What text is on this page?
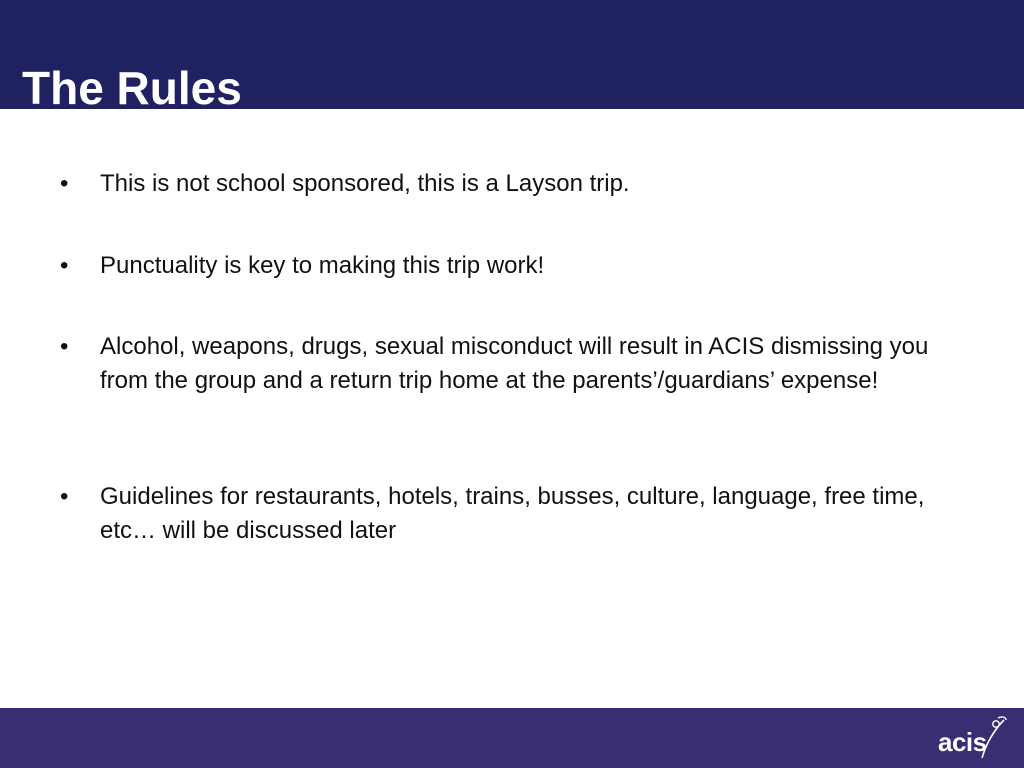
The Rules
•	This is not school sponsored, this is a Layson trip.
•	Punctuality is key to making this trip work!
•	Alcohol, weapons, drugs, sexual misconduct will result in ACIS dismissing you from the group and a return trip home at the parents’/guardians’ expense!
•	Guidelines for restaurants, hotels, trains, busses, culture, language, free time, etc… will be discussed later
acis
